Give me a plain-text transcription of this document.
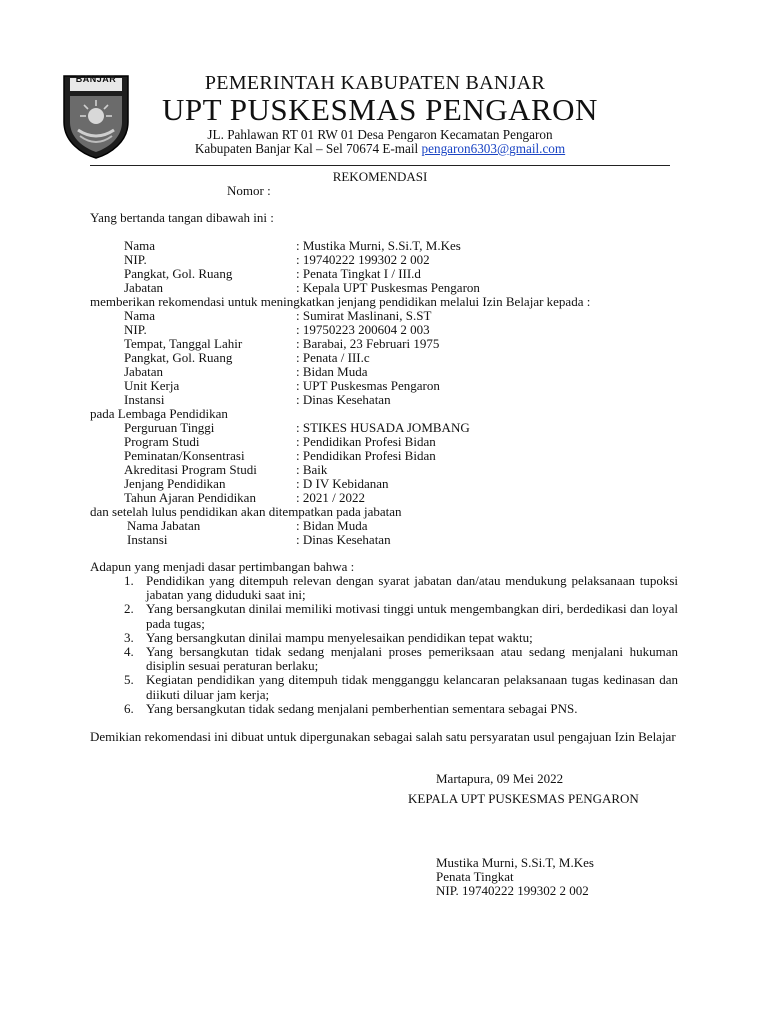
BANJAR	PEMERINTAH KABUPATEN BANJAR
UPT PUSKESMAS PENGARON
JL. Pahlawan RT 01 RW 01 Desa Pengaron Kecamatan Pengaron
Kabupaten Banjar Kal – Sel 70674 E-mail pengaron6303@gmail.com
REKOMENDASI
Nomor :
Yang bertanda tangan dibawah ini :
Nama	: Mustika Murni, S.Si.T, M.Kes
NIP.	: 19740222 199302 2 002
Pangkat, Gol. Ruang	: Penata Tingkat I / III.d
Jabatan	: Kepala UPT Puskesmas Pengaron
memberikan rekomendasi untuk meningkatkan jenjang pendidikan melalui Izin Belajar kepada :
Nama	: Sumirat Maslinani, S.ST
NIP.	: 19750223 200604 2 003
Tempat, Tanggal Lahir	: Barabai, 23 Februari 1975
Pangkat, Gol. Ruang	: Penata / III.c
Jabatan	: Bidan Muda
Unit Kerja	: UPT Puskesmas Pengaron
Instansi	: Dinas Kesehatan
pada Lembaga Pendidikan
Perguruan Tinggi	: STIKES HUSADA JOMBANG
Program Studi	: Pendidikan Profesi Bidan
Peminatan/Konsentrasi	: Pendidikan Profesi Bidan
Akreditasi Program Studi	: Baik
Jenjang Pendidikan	: D IV Kebidanan
Tahun Ajaran Pendidikan	: 2021 / 2022
dan setelah lulus pendidikan akan ditempatkan pada jabatan
Nama Jabatan	: Bidan Muda
Instansi	: Dinas Kesehatan
Adapun yang menjadi dasar pertimbangan bahwa :
1. Pendidikan yang ditempuh relevan dengan syarat jabatan dan/atau mendukung pelaksanaan tupoksi jabatan yang diduduki saat ini;
2. Yang bersangkutan dinilai memiliki motivasi tinggi untuk mengembangkan diri, berdedikasi dan loyal pada tugas;
3. Yang bersangkutan dinilai mampu menyelesaikan pendidikan tepat waktu;
4. Yang bersangkutan tidak sedang menjalani proses pemeriksaan atau sedang menjalani hukuman disiplin sesuai peraturan berlaku;
5. Kegiatan pendidikan yang ditempuh tidak mengganggu kelancaran pelaksanaan tugas kedinasan dan diikuti diluar jam kerja;
6. Yang bersangkutan tidak sedang menjalani pemberhentian sementara sebagai PNS.
Demikian rekomendasi ini dibuat untuk dipergunakan sebagai salah satu persyaratan usul pengajuan Izin Belajar
Martapura, 09 Mei 2022
KEPALA UPT PUSKESMAS PENGARON
Mustika Murni, S.Si.T, M.Kes
Penata Tingkat
NIP. 19740222 199302 2 002
